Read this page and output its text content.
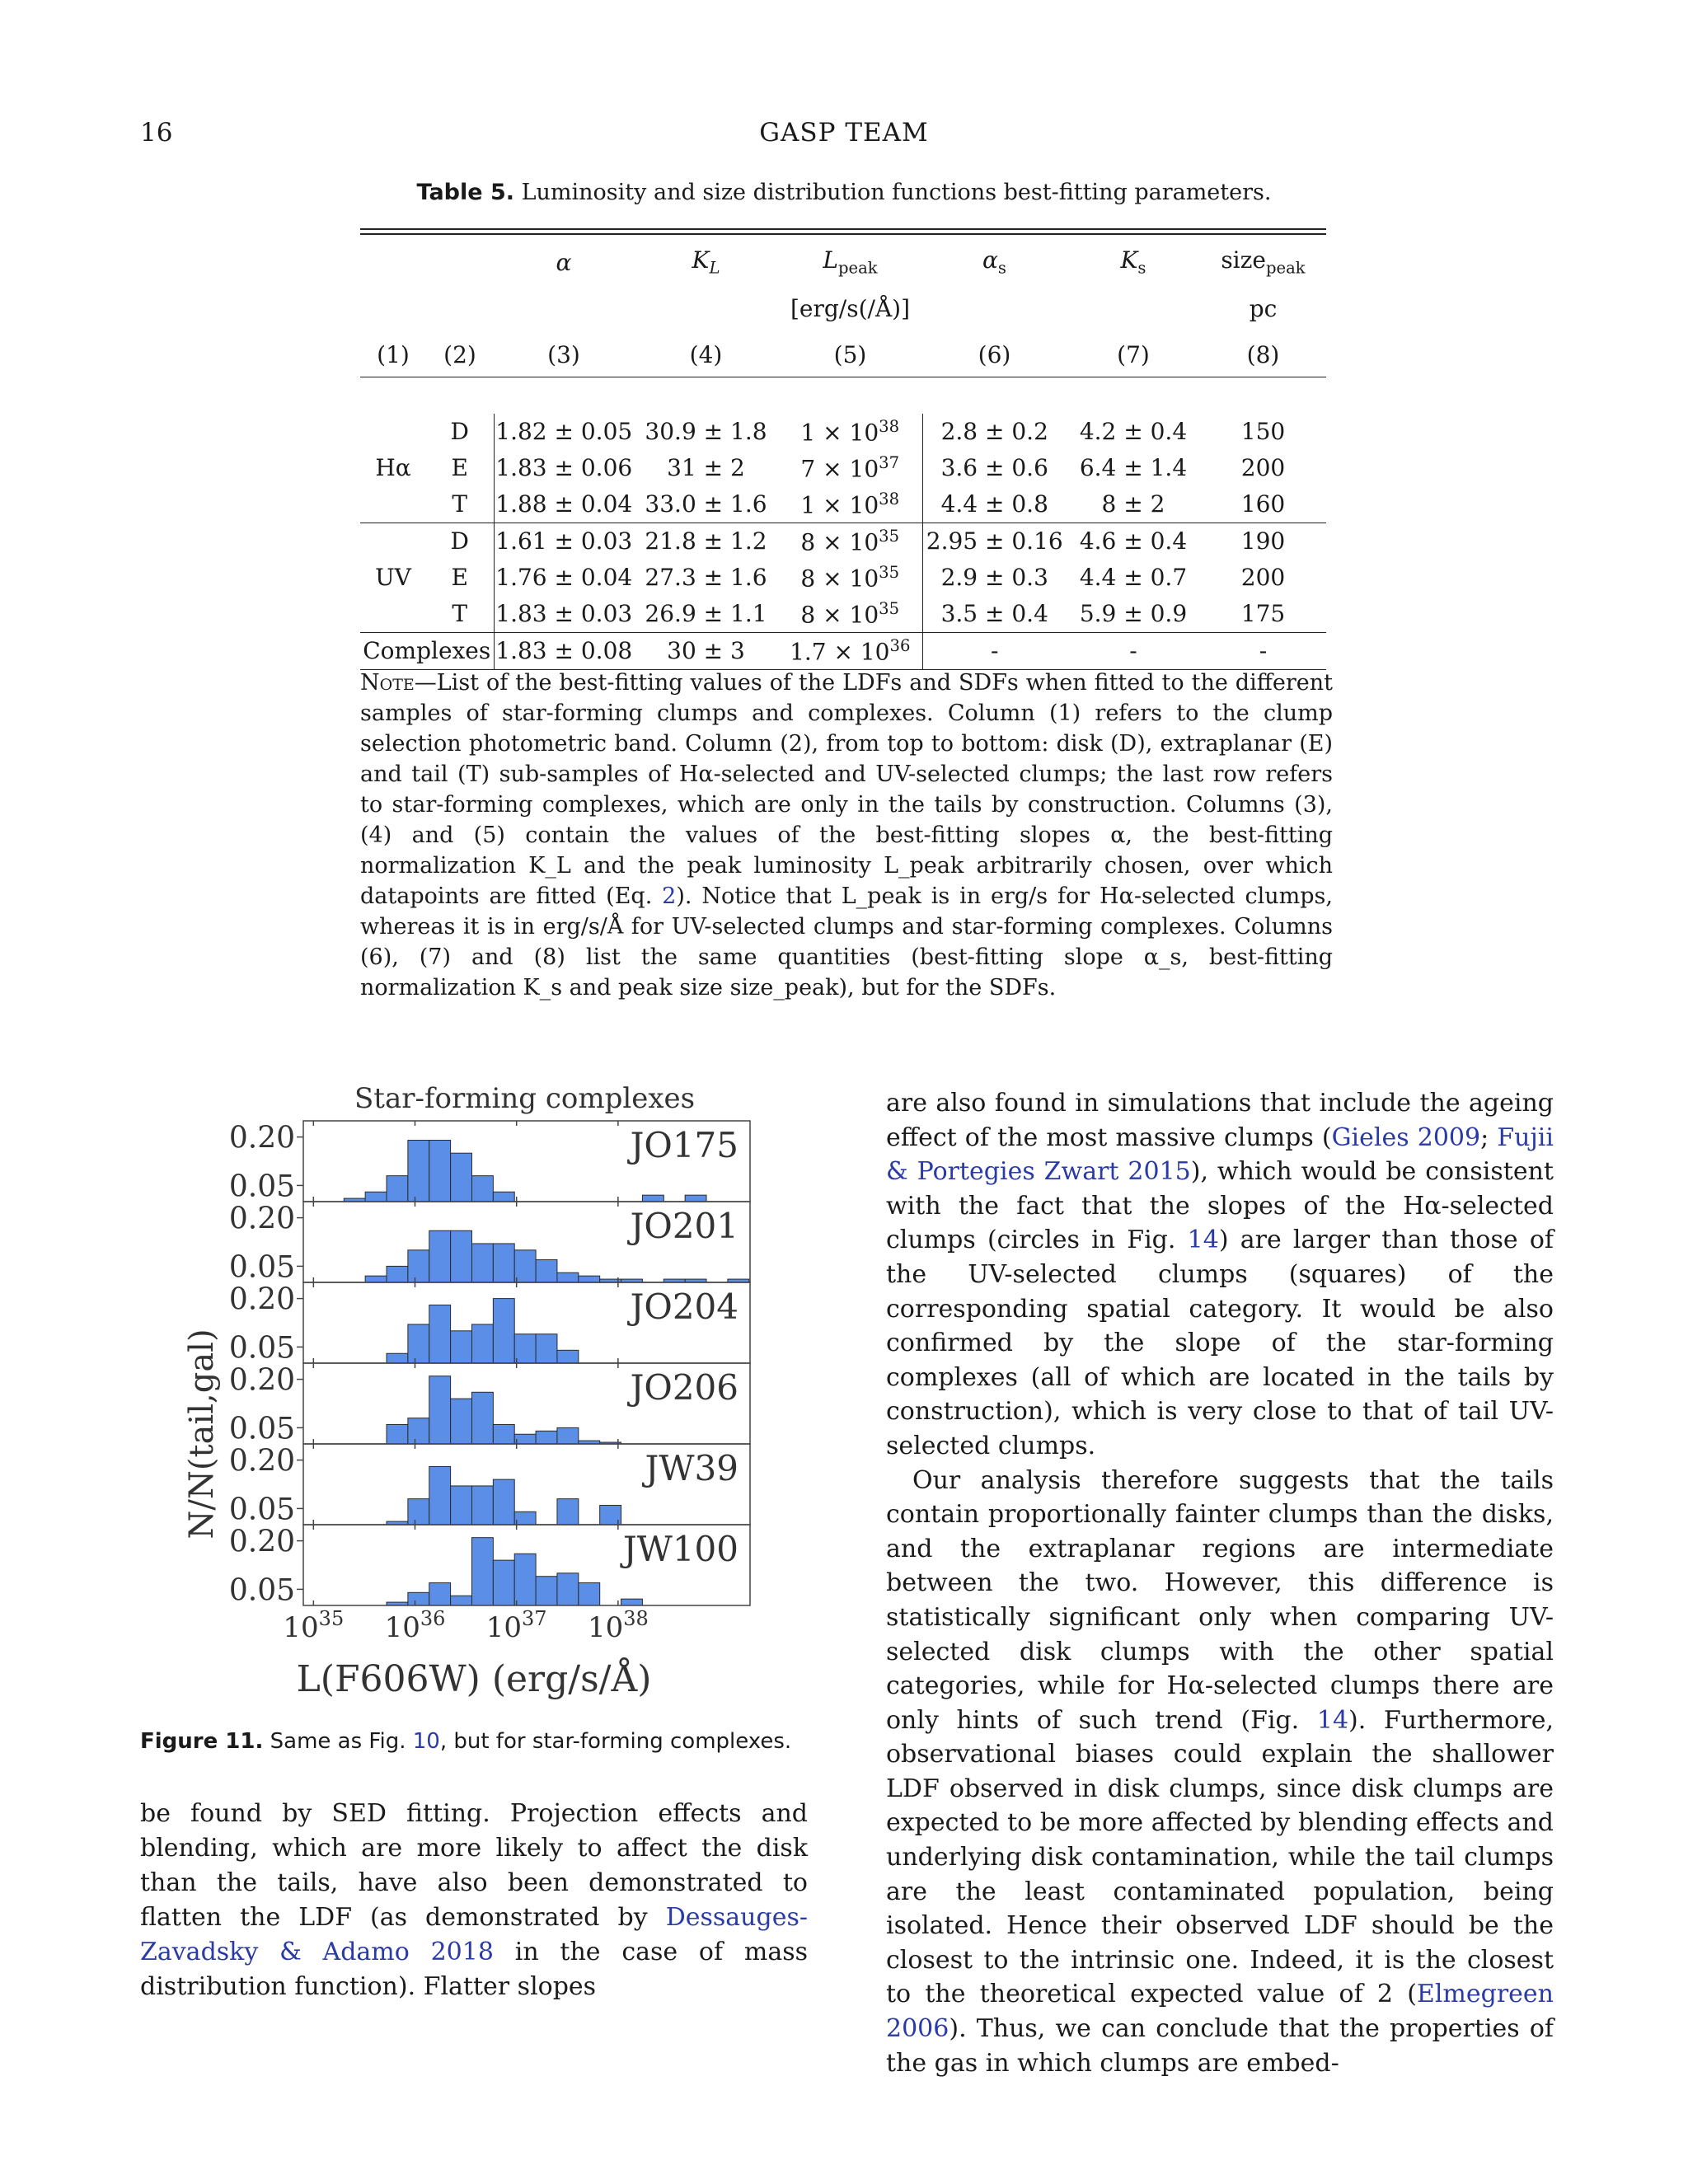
16	GASP TEAM
Table 5. Luminosity and size distribution functions best-fitting parameters.
		α	$K_L$	$L_{peak}$	$\alpha_s$	$K_s$	size$_{peak}$
				[erg/s(/Å)]			pc
(1)	(2)	(3)	(4)	(5)	(6)	(7)	(8)

Hα	D	1.82 ± 0.05	30.9 ± 1.8	$1 \times 10^{38}$	2.8 ± 0.2	4.2 ± 0.4	150
	E	1.83 ± 0.06	31 ± 2	$7 \times 10^{37}$	3.6 ± 0.6	6.4 ± 1.4	200
	T	1.88 ± 0.04	33.0 ± 1.6	$1 \times 10^{38}$	4.4 ± 0.8	8 ± 2	160
UV	D	1.61 ± 0.03	21.8 ± 1.2	$8 \times 10^{35}$	2.95 ± 0.16	4.6 ± 0.4	190
	E	1.76 ± 0.04	27.3 ± 1.6	$8 \times 10^{35}$	2.9 ± 0.3	4.4 ± 0.7	200
	T	1.83 ± 0.03	26.9 ± 1.1	$8 \times 10^{35}$	3.5 ± 0.4	5.9 ± 0.9	175
Complexes		1.83 ± 0.08	30 ± 3	$1.7 \times 10^{36}$	-	-	-
Note—List of the best-fitting values of the LDFs and SDFs when fitted to the different samples of star-forming clumps and complexes. Column (1) refers to the clump selection photometric band. Column (2), from top to bottom: disk (D), extraplanar (E) and tail (T) sub-samples of Hα-selected and UV-selected clumps; the last row refers to star-forming complexes, which are only in the tails by construction. Columns (3), (4) and (5) contain the values of the best-fitting slopes α, the best-fitting normalization K_L and the peak luminosity L_peak arbitrarily chosen, over which datapoints are fitted (Eq. 2). Notice that L_peak is in erg/s for Hα-selected clumps, whereas it is in erg/s/Å for UV-selected clumps and star-forming complexes. Columns (6), (7) and (8) list the same quantities (best-fitting slope α_s, best-fitting normalization K_s and peak size size_peak), but for the SDFs.
Star-forming complexes
N/N(tail,gal)
L(F606W) (erg/s/Å)
0.05
0.20	JO175
0.05
0.20	JO201
0.05
0.20	JO204
0.05
0.20	JO206
0.05
0.20	JW39
0.05
0.20	JW100
$10^{35}$ $10^{36}$ $10^{37}$ $10^{38}$
Figure 11. Same as Fig. 10, but for star-forming complexes.
be found by SED fitting. Projection effects and blending, which are more likely to affect the disk than the tails, have also been demonstrated to flatten the LDF (as demonstrated by Dessauges-Zavadsky & Adamo 2018 in the case of mass distribution function). Flatter slopes
are also found in simulations that include the ageing effect of the most massive clumps (Gieles 2009; Fujii & Portegies Zwart 2015), which would be consistent with the fact that the slopes of the Hα-selected clumps (circles in Fig. 14) are larger than those of the UV-selected clumps (squares) of the corresponding spatial category. It would be also confirmed by the slope of the star-forming complexes (all of which are located in the tails by construction), which is very close to that of tail UV-selected clumps.
Our analysis therefore suggests that the tails contain proportionally fainter clumps than the disks, and the extraplanar regions are intermediate between the two. However, this difference is statistically significant only when comparing UV-selected disk clumps with the other spatial categories, while for Hα-selected clumps there are only hints of such trend (Fig. 14). Furthermore, observational biases could explain the shallower LDF observed in disk clumps, since disk clumps are expected to be more affected by blending effects and underlying disk contamination, while the tail clumps are the least contaminated population, being isolated. Hence their observed LDF should be the closest to the intrinsic one. Indeed, it is the closest to the theoretical expected value of 2 (Elmegreen 2006). Thus, we can conclude that the properties of the gas in which clumps are embed-
